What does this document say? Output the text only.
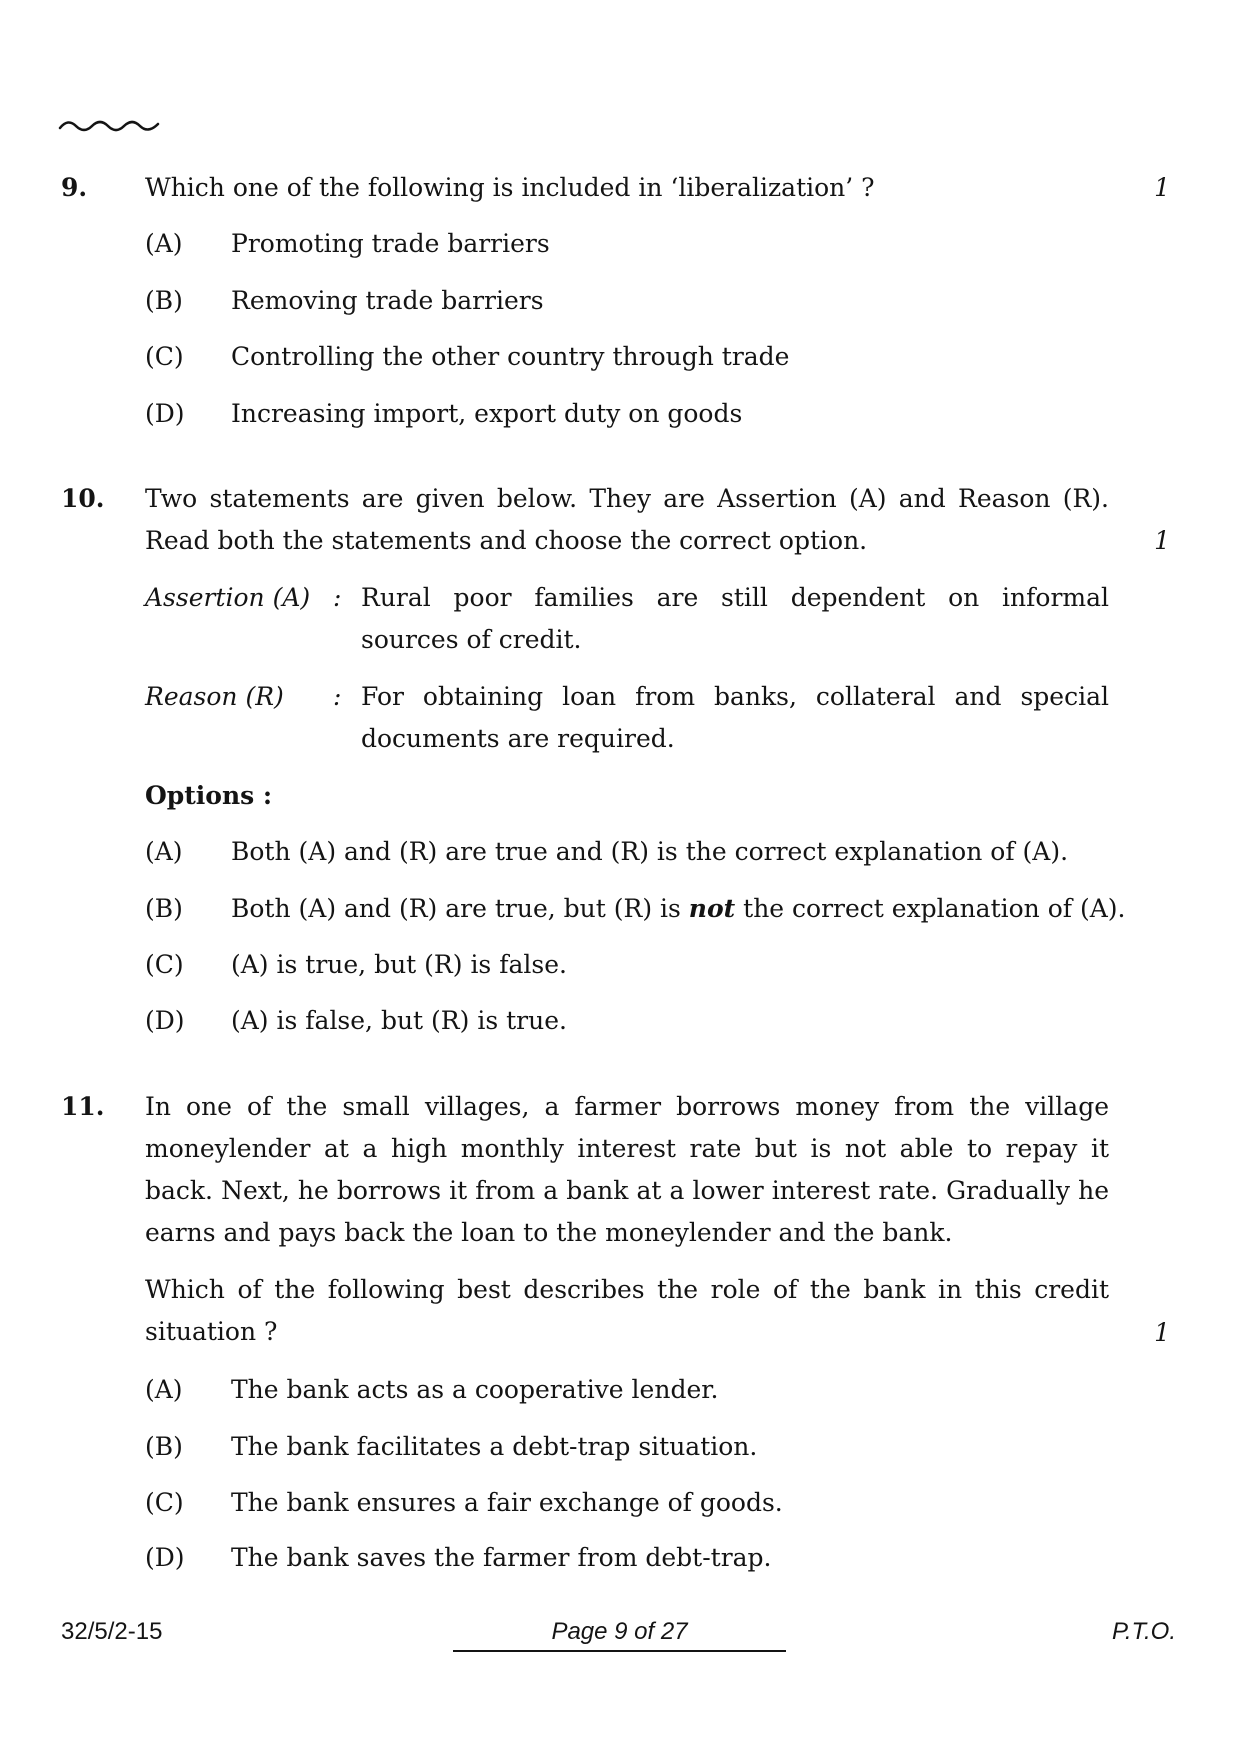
9. Which one of the following is included in ‘liberalization’ ?	1
(A) Promoting trade barriers
(B) Removing trade barriers
(C) Controlling the other country through trade
(D) Increasing import, export duty on goods
10. Two statements are given below. They are Assertion (A) and Reason (R). Read both the statements and choose the correct option.	1
Assertion (A) : Rural poor families are still dependent on informal sources of credit.
Reason (R) : For obtaining loan from banks, collateral and special documents are required.
Options :
(A) Both (A) and (R) are true and (R) is the correct explanation of (A).
(B) Both (A) and (R) are true, but (R) is not the correct explanation of (A).
(C) (A) is true, but (R) is false.
(D) (A) is false, but (R) is true.
11. In one of the small villages, a farmer borrows money from the village moneylender at a high monthly interest rate but is not able to repay it back. Next, he borrows it from a bank at a lower interest rate. Gradually he earns and pays back the loan to the moneylender and the bank.
Which of the following best describes the role of the bank in this credit situation ?	1
(A) The bank acts as a cooperative lender.
(B) The bank facilitates a debt-trap situation.
(C) The bank ensures a fair exchange of goods.
(D) The bank saves the farmer from debt-trap.
32/5/2-15	Page 9 of 27	P.T.O.
